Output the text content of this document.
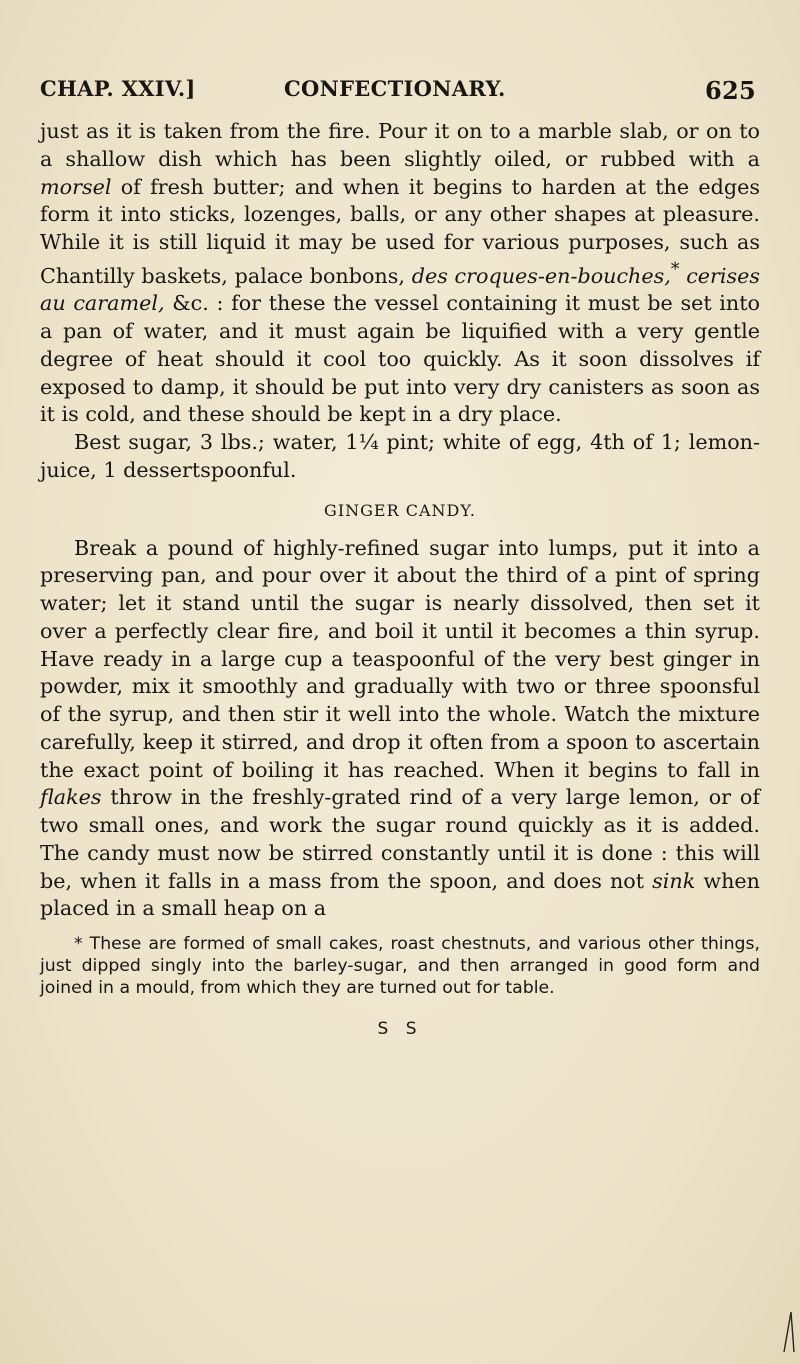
CHAP. XXIV.]	CONFECTIONARY.	625

just as it is taken from the fire. Pour it on to a marble slab, or on to a shallow dish which has been slightly oiled, or rubbed with a morsel of fresh butter; and when it begins to harden at the edges form it into sticks, lozenges, balls, or any other shapes at pleasure. While it is still liquid it may be used for various purposes, such as Chantilly baskets, palace bonbons, des croques-en-bouches,* cerises au caramel, &c. : for these the vessel containing it must be set into a pan of water, and it must again be liquified with a very gentle degree of heat should it cool too quickly. As it soon dissolves if exposed to damp, it should be put into very dry canisters as soon as it is cold, and these should be kept in a dry place.

Best sugar, 3 lbs.; water, 1¼ pint; white of egg, 4th of 1; lemon-juice, 1 dessertspoonful.

GINGER CANDY.

Break a pound of highly-refined sugar into lumps, put it into a preserving pan, and pour over it about the third of a pint of spring water; let it stand until the sugar is nearly dissolved, then set it over a perfectly clear fire, and boil it until it becomes a thin syrup. Have ready in a large cup a teaspoonful of the very best ginger in powder, mix it smoothly and gradually with two or three spoonsful of the syrup, and then stir it well into the whole. Watch the mixture carefully, keep it stirred, and drop it often from a spoon to ascertain the exact point of boiling it has reached. When it begins to fall in flakes throw in the freshly-grated rind of a very large lemon, or of two small ones, and work the sugar round quickly as it is added. The candy must now be stirred constantly until it is done : this will be, when it falls in a mass from the spoon, and does not sink when placed in a small heap on a

* These are formed of small cakes, roast chestnuts, and various other things, just dipped singly into the barley-sugar, and then arranged in good form and joined in a mould, from which they are turned out for table.

S S
